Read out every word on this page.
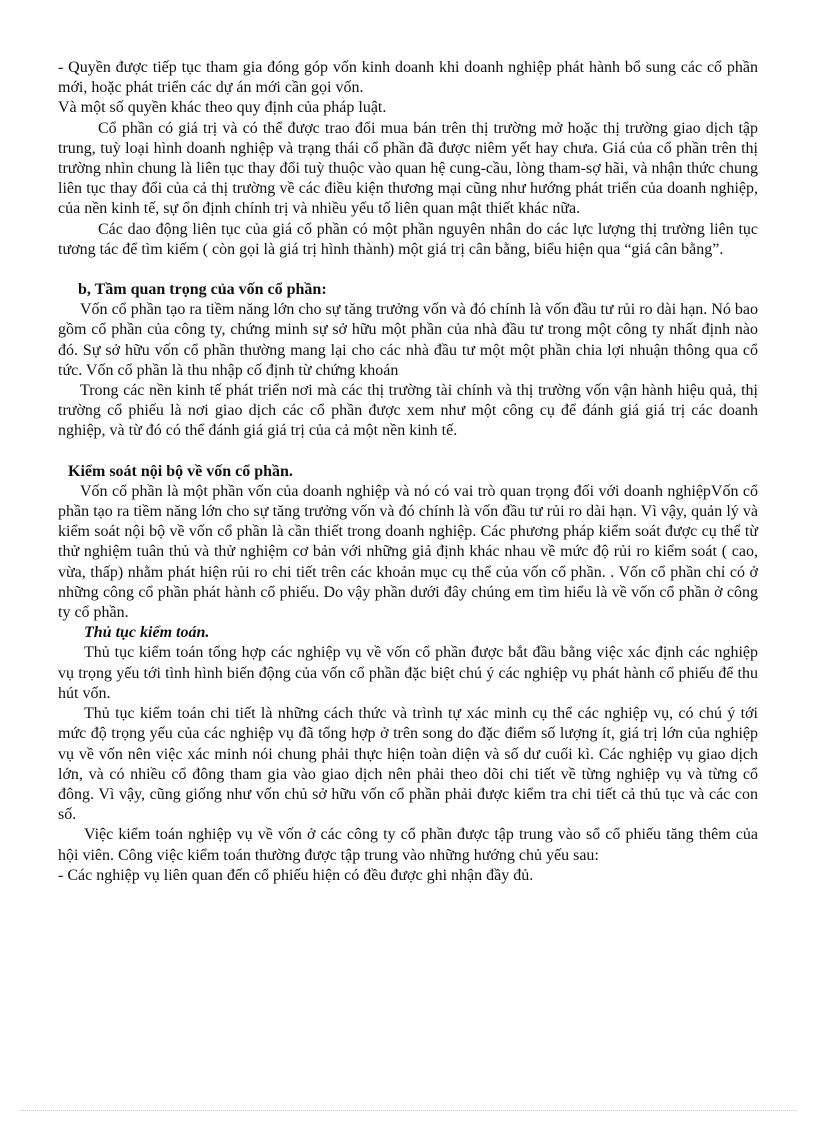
- Quyền được tiếp tục tham gia đóng góp vốn kinh doanh khi doanh nghiệp phát hành bổ sung các cổ phần mới, hoặc phát triển các dự án mới cần gọi vốn.

Và một số quyền khác theo quy định của pháp luật.

Cổ phần có giá trị và có thể được trao đổi mua bán trên thị trường mở hoặc thị trường giao dịch tập trung, tuỳ loại hình doanh nghiệp và trạng thái cổ phần đã được niêm yết hay chưa. Giá của cổ phần trên thị trường nhìn chung là liên tục thay đổi tuỳ thuộc vào quan hệ cung-cầu, lòng tham-sợ hãi, và nhận thức chung liên tục thay đổi của cả thị trường về các điều kiện thương mại cũng như hướng phát triển của doanh nghiệp, của nền kinh tế, sự ổn định chính trị và nhiều yếu tố liên quan mật thiết khác nữa.

Các dao động liên tục của giá cổ phần có một phần nguyên nhân do các lực lượng thị trường liên tục tương tác để tìm kiếm ( còn gọi là giá trị hình thành) một giá trị cân bằng, biểu hiện qua “giá cân bằng”.

b, Tầm quan trọng của vốn cổ phần:

Vốn cổ phần tạo ra tiềm năng lớn cho sự tăng trưởng vốn và đó chính là vốn đầu tư rủi ro dài hạn. Nó bao gồm cổ phần của công ty, chứng minh sự sở hữu một phần của nhà đầu tư trong một công ty nhất định nào đó. Sự sở hữu vốn cổ phần thường mang lại cho các nhà đầu tư một một phần chia lợi nhuận thông qua cổ tức. Vốn cổ phần là thu nhập cố định từ chứng khoán

Trong các nền kinh tế phát triển nơi mà các thị trường tài chính và thị trường vốn vận hành hiệu quả, thị trường cổ phiếu là nơi giao dịch các cổ phần được xem như một công cụ để đánh giá giá trị các doanh nghiệp, và từ đó có thể đánh giá giá trị của cả một nền kinh tế.

Kiểm soát nội bộ về vốn cổ phần.

Vốn cổ phần là một phần vốn của doanh nghiệp và nó có vai trò quan trọng đối với doanh nghiệpVốn cổ phần tạo ra tiềm năng lớn cho sự tăng trưởng vốn và đó chính là vốn đầu tư rủi ro dài hạn. Vì vậy, quản lý và kiểm soát nội bộ về vốn cổ phần là cần thiết trong doanh nghiệp. Các phương pháp kiểm soát được cụ thể từ thử nghiệm tuân thủ và thử nghiệm cơ bản với những giả định khác nhau về mức độ rủi ro kiểm soát ( cao, vừa, thấp) nhằm phát hiện rủi ro chi tiết trên các khoản mục cụ thể của vốn cổ phần. . Vốn cổ phần chỉ có ở những công cổ phần phát hành cổ phiếu. Do vậy phần dưới đây chúng em tìm hiểu là về vốn cổ phần ở công ty cổ phần.

Thủ tục kiểm toán.

Thủ tục kiểm toán tổng hợp các nghiệp vụ về vốn cổ phần được bắt đầu bằng việc xác định các nghiệp vụ trọng yếu tới tình hình biến động của vốn cổ phần đặc biệt chú ý các nghiệp vụ phát hành cổ phiếu để thu hút vốn.

Thủ tục kiểm toán chi tiết là những cách thức và trình tự xác minh cụ thể các nghiệp vụ, có chú ý tới mức độ trọng yếu của các nghiệp vụ đã tổng hợp ở trên song do đặc điểm số lượng ít, giá trị lớn của nghiệp vụ về vốn nên việc xác minh nói chung phải thực hiện toàn diện và số dư cuối kì. Các nghiệp vụ giao dịch lớn, và có nhiều cổ đông tham gia vào giao dịch nên phải theo dõi chi tiết về từng nghiệp vụ và từng cổ đông. Vì vậy, cũng giống như vốn chủ sở hữu vốn cổ phần phải được kiểm tra chi tiết cả thủ tục và các con số.

Việc kiểm toán nghiệp vụ về vốn ở các công ty cổ phần được tập trung vào sổ cổ phiếu tăng thêm của hội viên. Công việc kiểm toán thường được tập trung vào những hướng chủ yếu sau:

- Các nghiệp vụ liên quan đến cổ phiếu hiện có đều được ghi nhận đầy đủ.
